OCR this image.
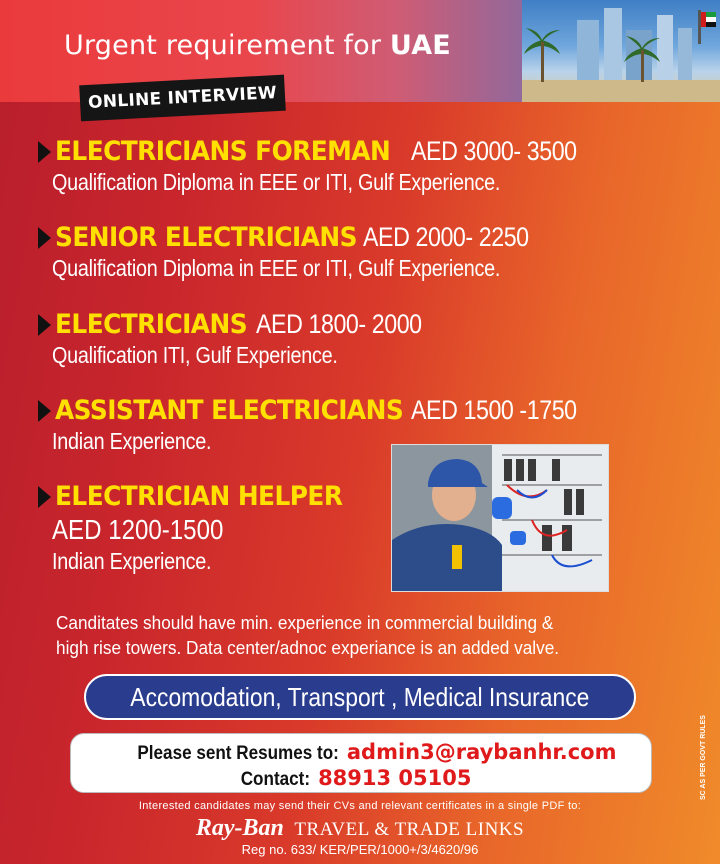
Urgent requirement for UAE
ONLINE INTERVIEW
ELECTRICIANS FOREMAN AED 3000- 3500
Qualification Diploma in EEE or ITI, Gulf Experience.
SENIOR ELECTRICIANS AED 2000- 2250
Qualification Diploma in EEE or ITI, Gulf Experience.
ELECTRICIANS AED 1800- 2000
Qualification ITI, Gulf Experience.
ASSISTANT ELECTRICIANS AED 1500 -1750
Indian Experience.
ELECTRICIAN HELPER
AED 1200-1500
Indian Experience.
Canditates should have min. experience in commercial building &
high rise towers. Data center/adnoc experiance is an added valve.
Accomodation, Transport , Medical Insurance
Please sent Resumes to: admin3@raybanhr.com
Contact: 88913 05105
Interested candidates may send their CVs and relevant certificates in a single PDF to:
Ray-Ban TRAVEL & TRADE LINKS
Reg no. 633/ KER/PER/1000+/3/4620/96
SC AS PER GOVT RULES
